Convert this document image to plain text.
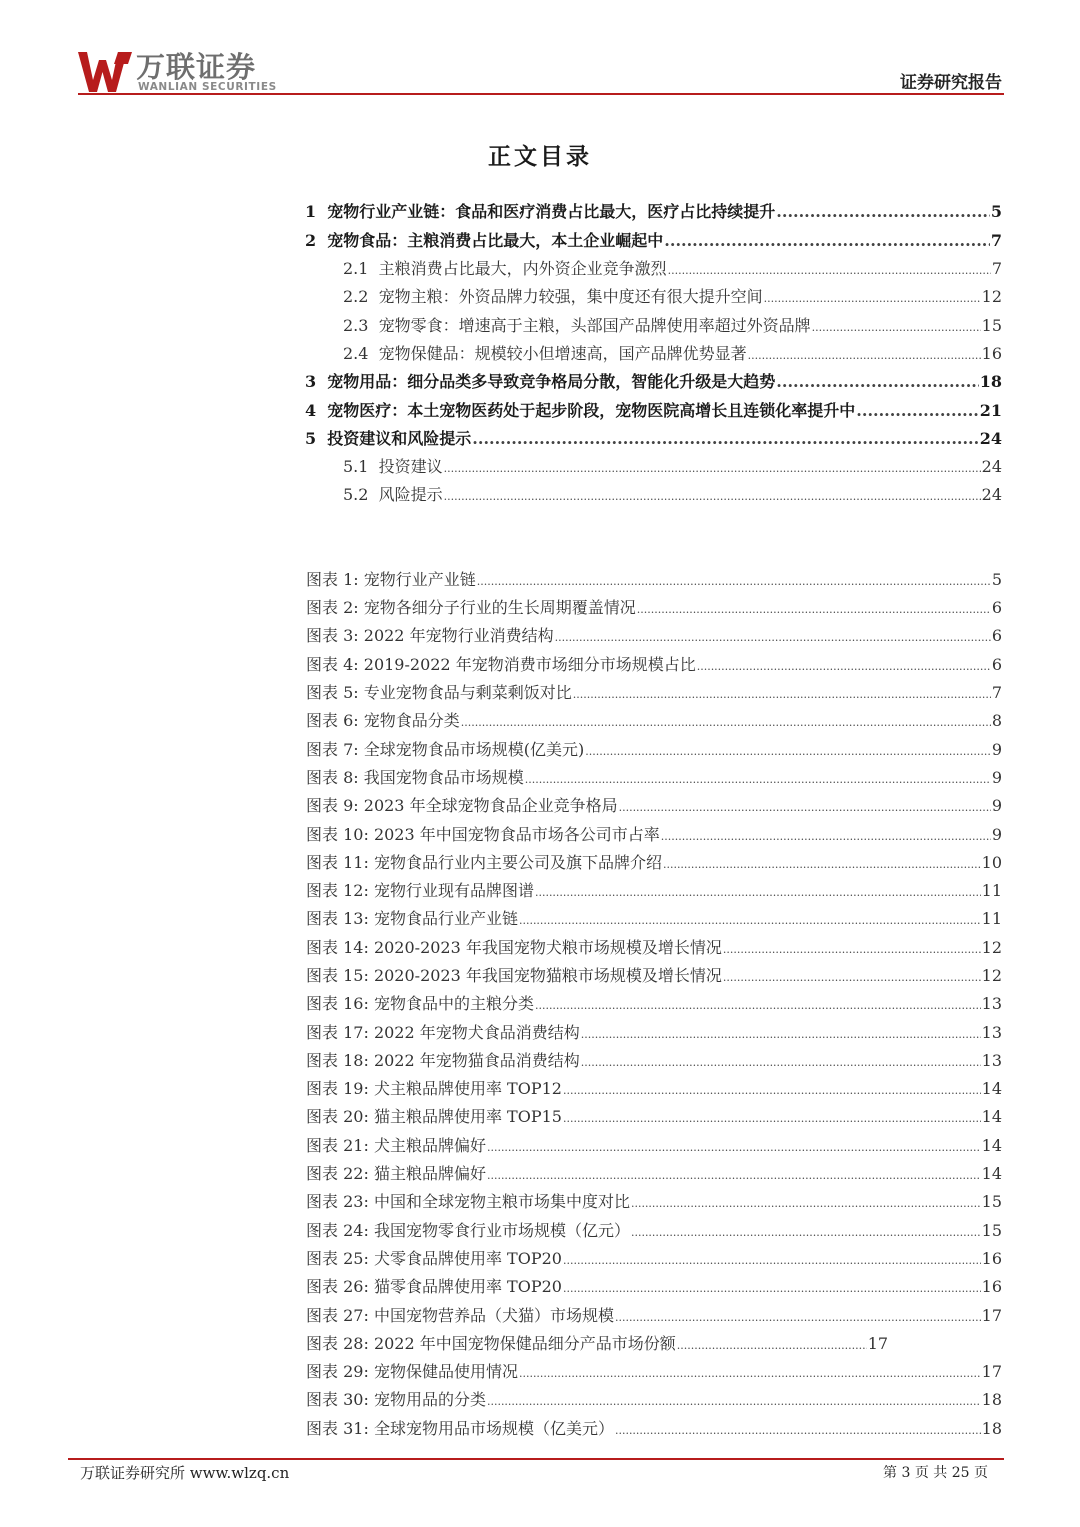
万联证券
WANLIAN SECURITIES	证券研究报告
正文目录
1 宠物行业产业链：食品和医疗消费占比最大，医疗占比持续提升 .....	5
2 宠物食品：主粮消费占比最大，本土企业崛起中 .....	7
2.1 主粮消费占比最大，内外资企业竞争激烈 .....	7
2.2 宠物主粮：外资品牌力较强，集中度还有很大提升空间 .....	12
2.3 宠物零食：增速高于主粮，头部国产品牌使用率超过外资品牌 .....	15
2.4 宠物保健品：规模较小但增速高，国产品牌优势显著 .....	16
3 宠物用品：细分品类多导致竞争格局分散，智能化升级是大趋势 .....	18
4 宠物医疗：本土宠物医药处于起步阶段，宠物医院高增长且连锁化率提升中 .....	21
5 投资建议和风险提示 .....	24
5.1 投资建议 .....	24
5.2 风险提示 .....	24
图表 1: 宠物行业产业链 .....	5
图表 2: 宠物各细分子行业的生长周期覆盖情况 .....	6
图表 3: 2022 年宠物行业消费结构 .....	6
图表 4: 2019-2022 年宠物消费市场细分市场规模占比 .....	6
图表 5: 专业宠物食品与剩菜剩饭对比 .....	7
图表 6: 宠物食品分类 .....	8
图表 7: 全球宠物食品市场规模(亿美元) .....	9
图表 8: 我国宠物食品市场规模 .....	9
图表 9: 2023 年全球宠物食品企业竞争格局 .....	9
图表 10: 2023 年中国宠物食品市场各公司市占率 .....	9
图表 11: 宠物食品行业内主要公司及旗下品牌介绍 .....	10
图表 12: 宠物行业现有品牌图谱 .....	11
图表 13: 宠物食品行业产业链 .....	11
图表 14: 2020-2023 年我国宠物犬粮市场规模及增长情况 .....	12
图表 15: 2020-2023 年我国宠物猫粮市场规模及增长情况 .....	12
图表 16: 宠物食品中的主粮分类 .....	13
图表 17: 2022 年宠物犬食品消费结构 .....	13
图表 18: 2022 年宠物猫食品消费结构 .....	13
图表 19: 犬主粮品牌使用率 TOP12 .....	14
图表 20: 猫主粮品牌使用率 TOP15 .....	14
图表 21: 犬主粮品牌偏好 .....	14
图表 22: 猫主粮品牌偏好 .....	14
图表 23: 中国和全球宠物主粮市场集中度对比 .....	15
图表 24: 我国宠物零食行业市场规模（亿元） .....	15
图表 25: 犬零食品牌使用率 TOP20 .....	16
图表 26: 猫零食品牌使用率 TOP20 .....	16
图表 27: 中国宠物营养品（犬猫）市场规模 .....	17
图表 28: 2022 年中国宠物保健品细分产品市场份额 .....	17
图表 29: 宠物保健品使用情况 .....	17
图表 30: 宠物用品的分类 .....	18
图表 31: 全球宠物用品市场规模（亿美元） .....	18
万联证券研究所 www.wlzq.cn	第 3 页 共 25 页
